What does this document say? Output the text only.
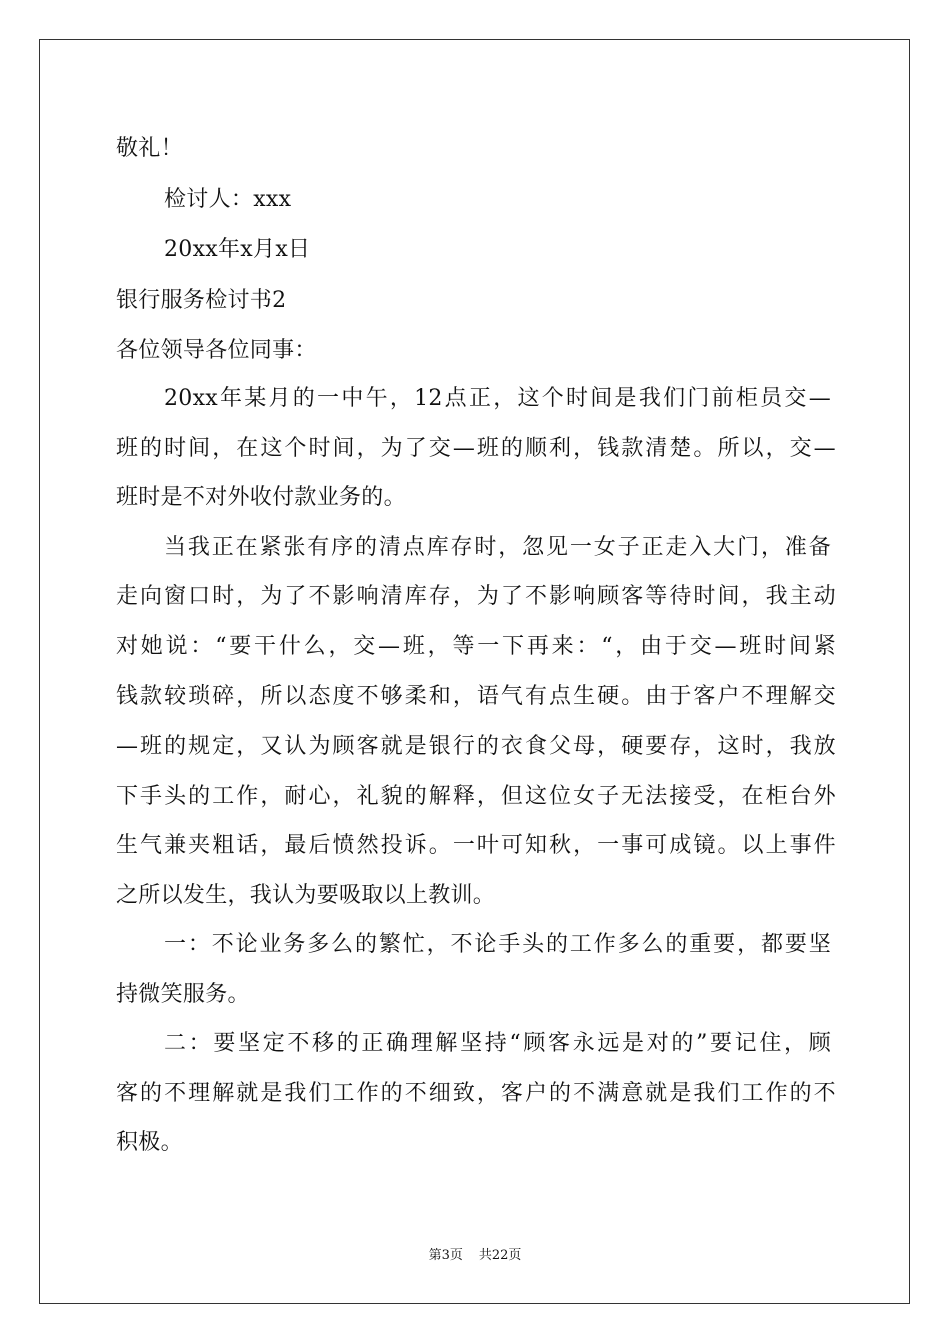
敬礼！
检讨人：xxx
20xx年x月x日
银行服务检讨书2
各位领导各位同事：
20xx年某月的一中午，12点正，这个时间是我们门前柜员交—
班的时间，在这个时间，为了交—班的顺利，钱款清楚。所以，交—
班时是不对外收付款业务的。
当我正在紧张有序的清点库存时，忽见一女子正走入大门，准备
走向窗口时，为了不影响清库存，为了不影响顾客等待时间，我主动
对她说：“要干什么，交—班，等一下再来：“，由于交—班时间紧
钱款较琐碎，所以态度不够柔和，语气有点生硬。由于客户不理解交
—班的规定，又认为顾客就是银行的衣食父母，硬要存，这时，我放
下手头的工作，耐心，礼貌的解释，但这位女子无法接受，在柜台外
生气兼夹粗话，最后愤然投诉。一叶可知秋，一事可成镜。以上事件
之所以发生，我认为要吸取以上教训。
一：不论业务多么的繁忙，不论手头的工作多么的重要，都要坚
持微笑服务。
二：要坚定不移的正确理解坚持“顾客永远是对的”要记住，顾
客的不理解就是我们工作的不细致，客户的不满意就是我们工作的不
积极。
第3页 共22页
